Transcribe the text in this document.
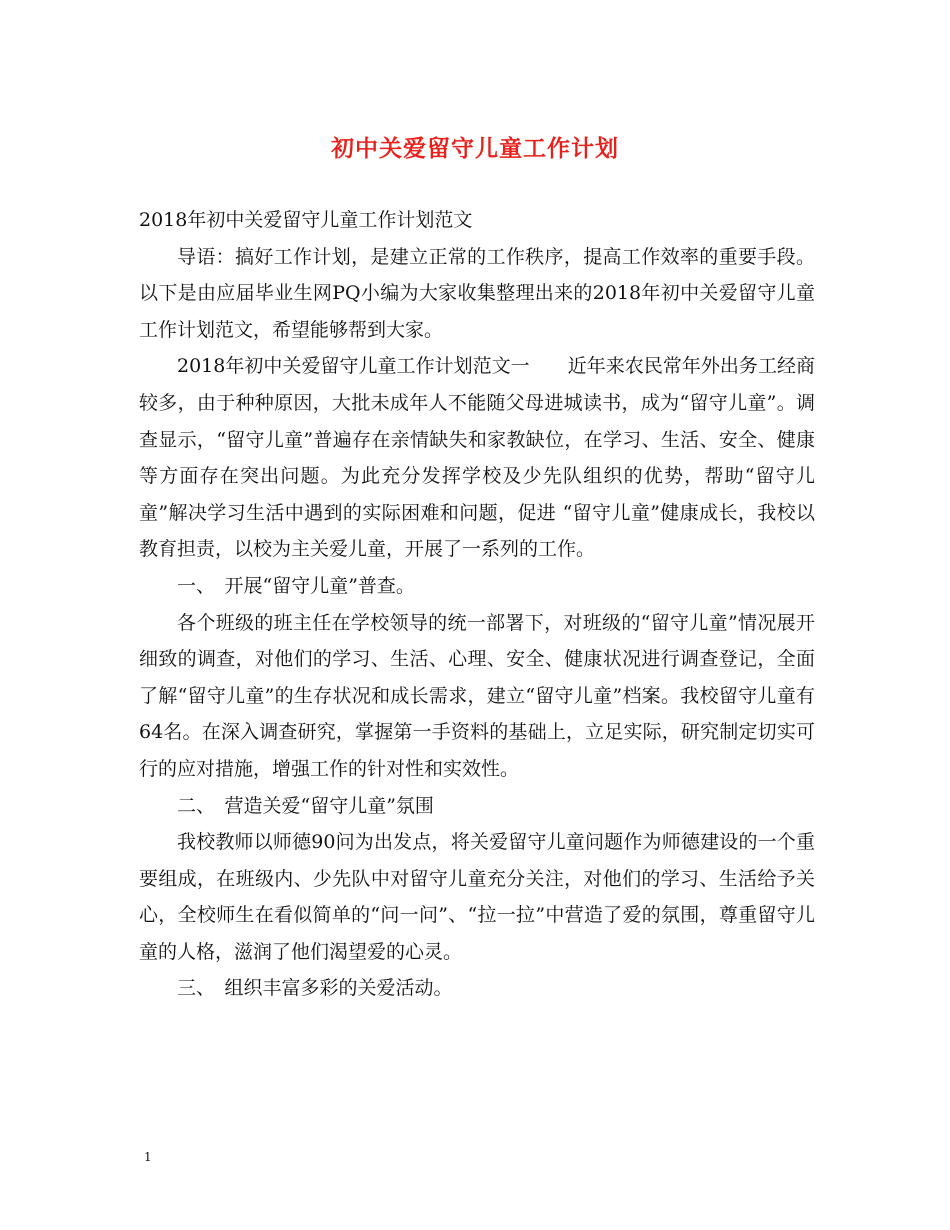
初中关爱留守儿童工作计划

2018年初中关爱留守儿童工作计划范文

导语：搞好工作计划，是建立正常的工作秩序，提高工作效率的重要手段。以下是由应届毕业生网PQ小编为大家收集整理出来的2018年初中关爱留守儿童工作计划范文，希望能够帮到大家。

2018年初中关爱留守儿童工作计划范文一　　近年来农民常年外出务工经商较多，由于种种原因，大批未成年人不能随父母进城读书，成为“留守儿童”。调查显示，“留守儿童”普遍存在亲情缺失和家教缺位，在学习、生活、安全、健康等方面存在突出问题。为此充分发挥学校及少先队组织的优势，帮助“留守儿童”解决学习生活中遇到的实际困难和问题，促进 “留守儿童”健康成长，我校以教育担责，以校为主关爱儿童，开展了一系列的工作。

一、　开展“留守儿童”普查。

各个班级的班主任在学校领导的统一部署下，对班级的“留守儿童”情况展开细致的调查，对他们的学习、生活、心理、安全、健康状况进行调查登记，全面了解“留守儿童”的生存状况和成长需求，建立“留守儿童”档案。我校留守儿童有64名。在深入调查研究，掌握第一手资料的基础上，立足实际，研究制定切实可行的应对措施，增强工作的针对性和实效性。

二、　营造关爱“留守儿童”氛围

我校教师以师德90问为出发点，将关爱留守儿童问题作为师德建设的一个重要组成，在班级内、少先队中对留守儿童充分关注，对他们的学习、生活给予关心，全校师生在看似简单的“问一问”、“拉一拉”中营造了爱的氛围，尊重留守儿童的人格，滋润了他们渴望爱的心灵。

三、　组织丰富多彩的关爱活动。

1
